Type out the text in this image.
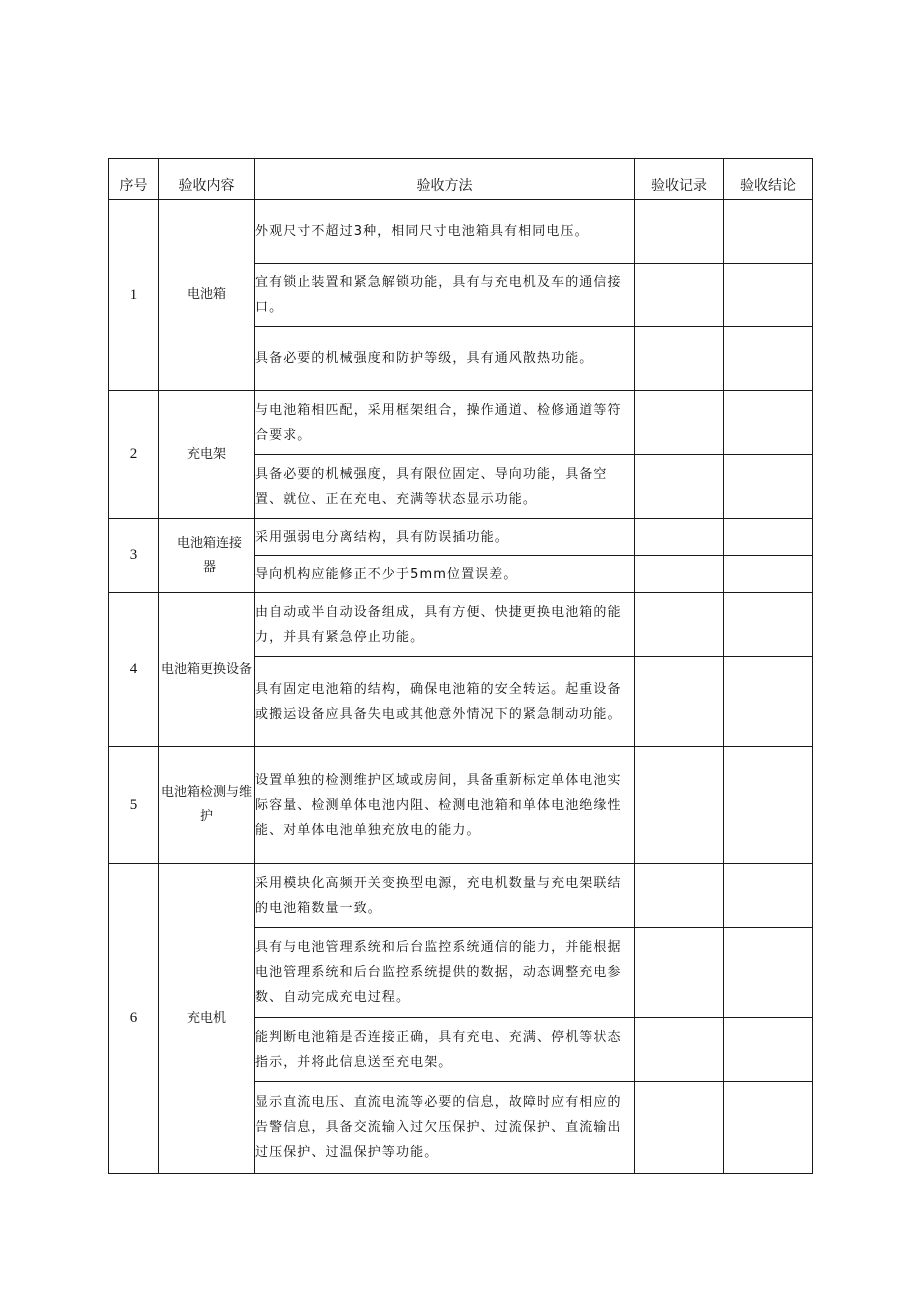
序号	验收内容	验收方法	验收记录	验收结论
1	电池箱	外观尺寸不超过3种，相同尺寸电池箱具有相同电压。		
		宜有锁止装置和紧急解锁功能，具有与充电机及车的通信接口。		
		具备必要的机械强度和防护等级，具有通风散热功能。		
2	充电架	与电池箱相匹配，采用框架组合，操作通道、检修通道等符合要求。		
		具备必要的机械强度，具有限位固定、导向功能，具备空置、就位、正在充电、充满等状态显示功能。		
3	电池箱连接器	采用强弱电分离结构，具有防误插功能。		
		导向机构应能修正不少于5mm位置误差。		
4	电池箱更换设备	由自动或半自动设备组成，具有方便、快捷更换电池箱的能力，并具有紧急停止功能。		
		具有固定电池箱的结构，确保电池箱的安全转运。起重设备或搬运设备应具备失电或其他意外情况下的紧急制动功能。		
5	电池箱检测与维护	设置单独的检测维护区域或房间，具备重新标定单体电池实际容量、检测单体电池内阻、检测电池箱和单体电池绝缘性能、对单体电池单独充放电的能力。		
6	充电机	采用模块化高频开关变换型电源，充电机数量与充电架联结的电池箱数量一致。		
		具有与电池管理系统和后台监控系统通信的能力，并能根据电池管理系统和后台监控系统提供的数据，动态调整充电参数、自动完成充电过程。		
		能判断电池箱是否连接正确，具有充电、充满、停机等状态指示，并将此信息送至充电架。		
		显示直流电压、直流电流等必要的信息，故障时应有相应的告警信息，具备交流输入过欠压保护、过流保护、直流输出过压保护、过温保护等功能。		
